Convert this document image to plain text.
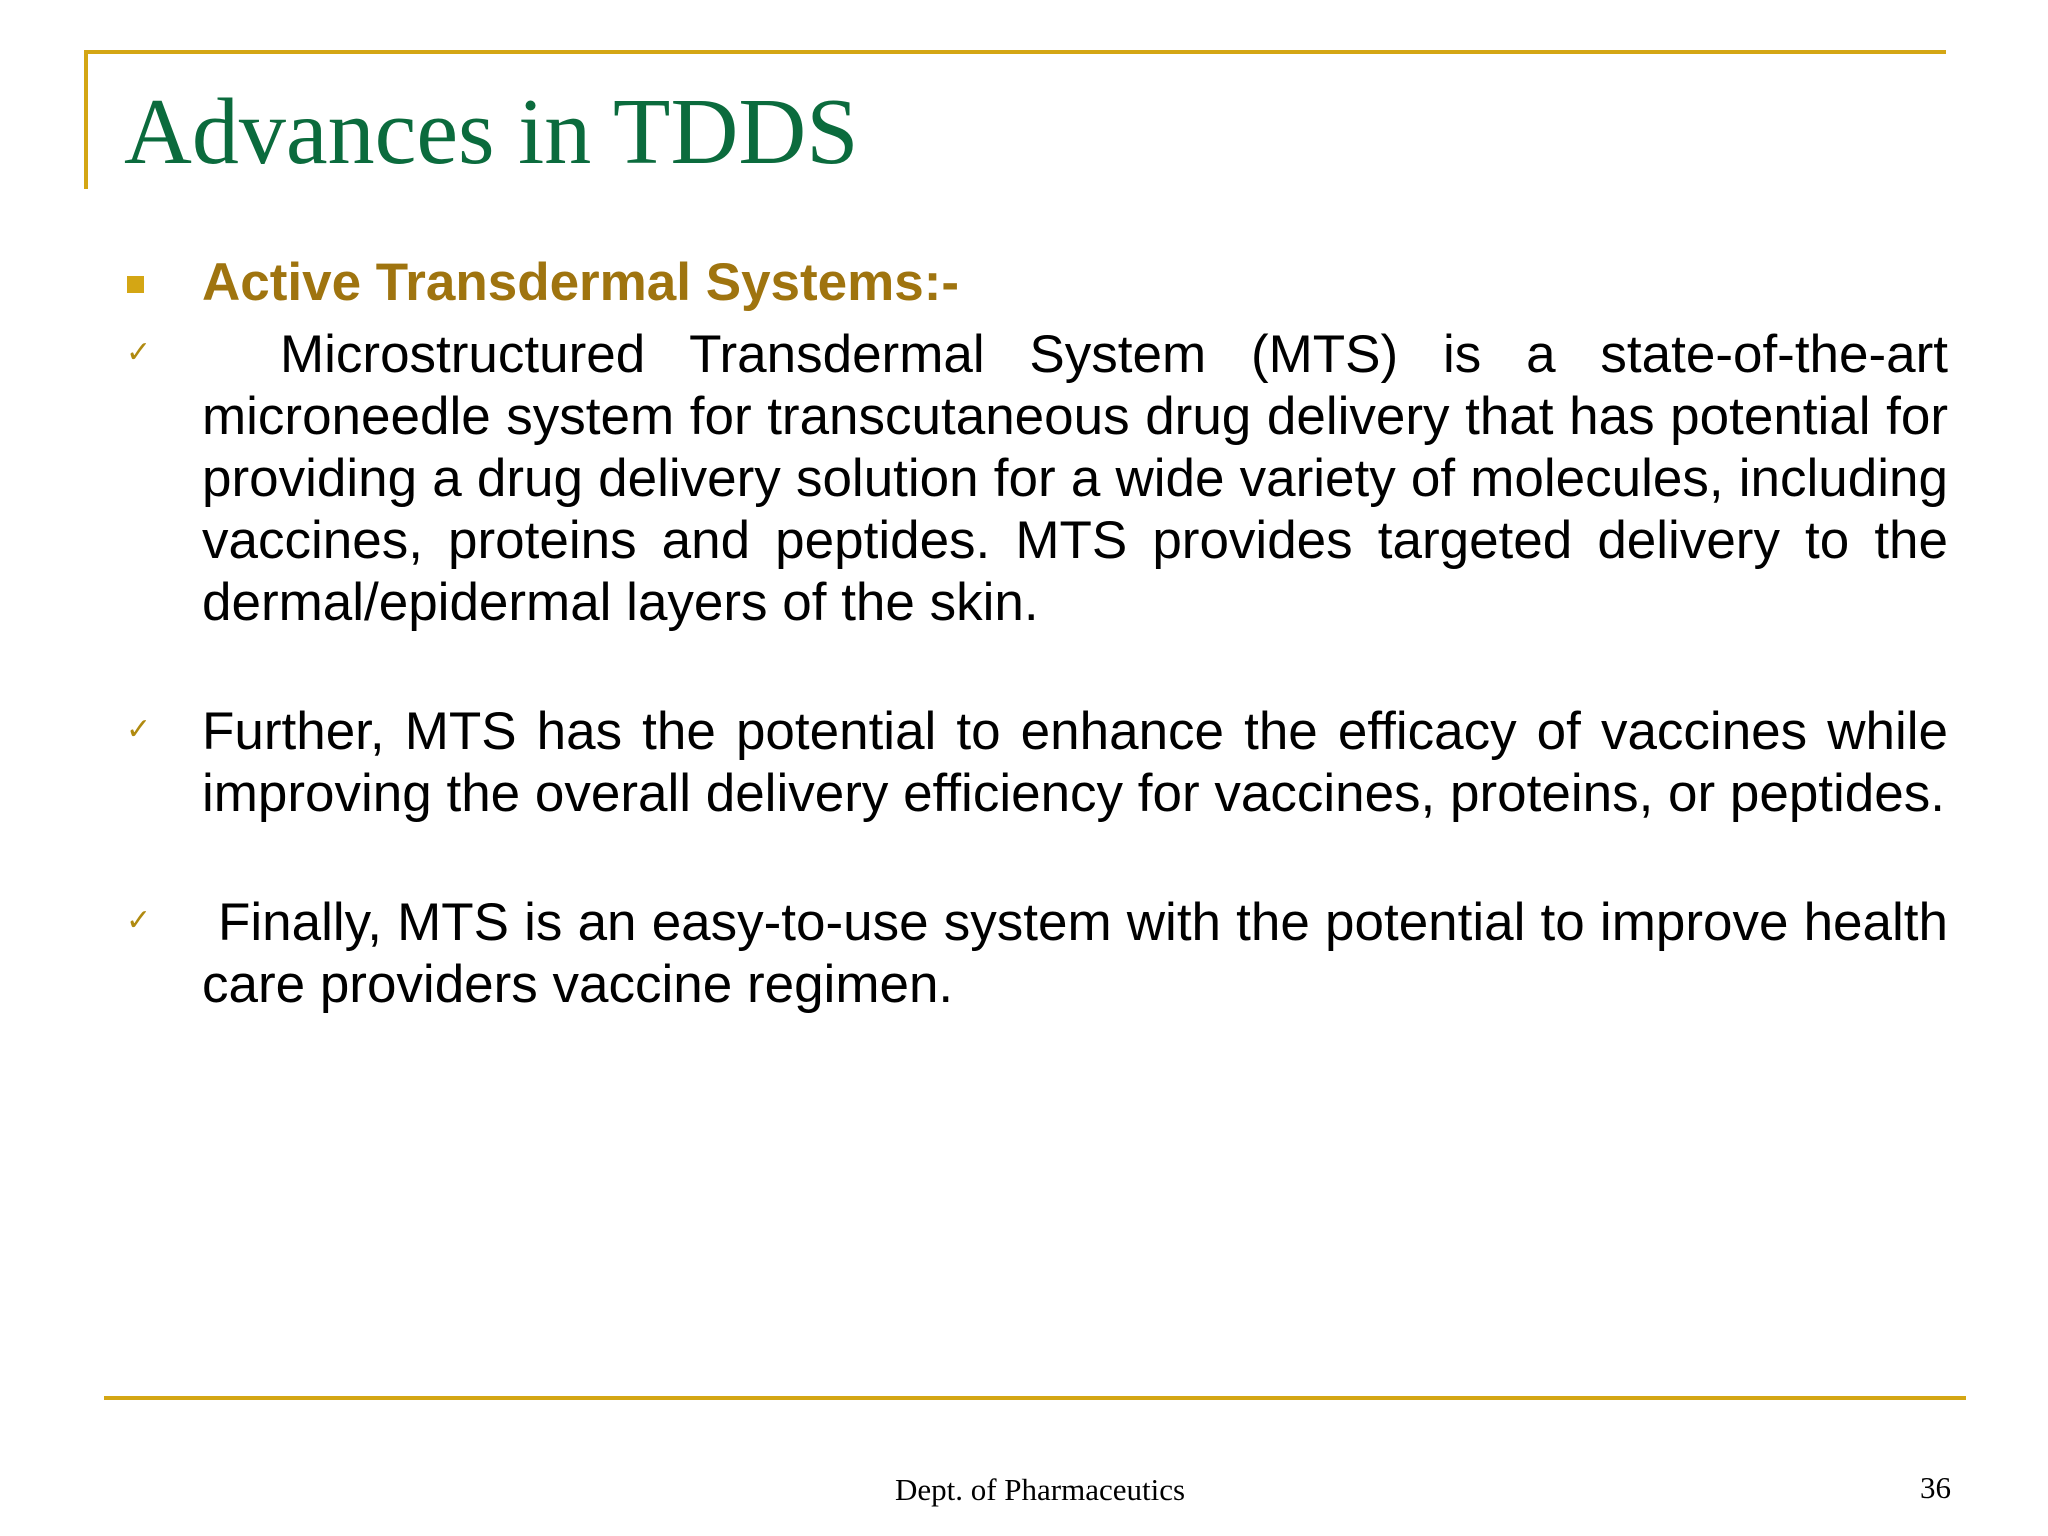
Advances in TDDS
Active Transdermal Systems:-
✓	Microstructured Transdermal System (MTS) is a state-of-the-art microneedle system for transcutaneous drug delivery that has potential for providing a drug delivery solution for a wide variety of molecules, including vaccines, proteins and peptides. MTS provides targeted delivery to the dermal/epidermal layers of the skin.

✓ Further, MTS has the potential to enhance the efficacy of vaccines while improving the overall delivery efficiency for vaccines, proteins, or peptides.

✓	Finally, MTS is an easy-to-use system with the potential to improve health care providers vaccine regimen.

Dept. of Pharmaceutics	36
